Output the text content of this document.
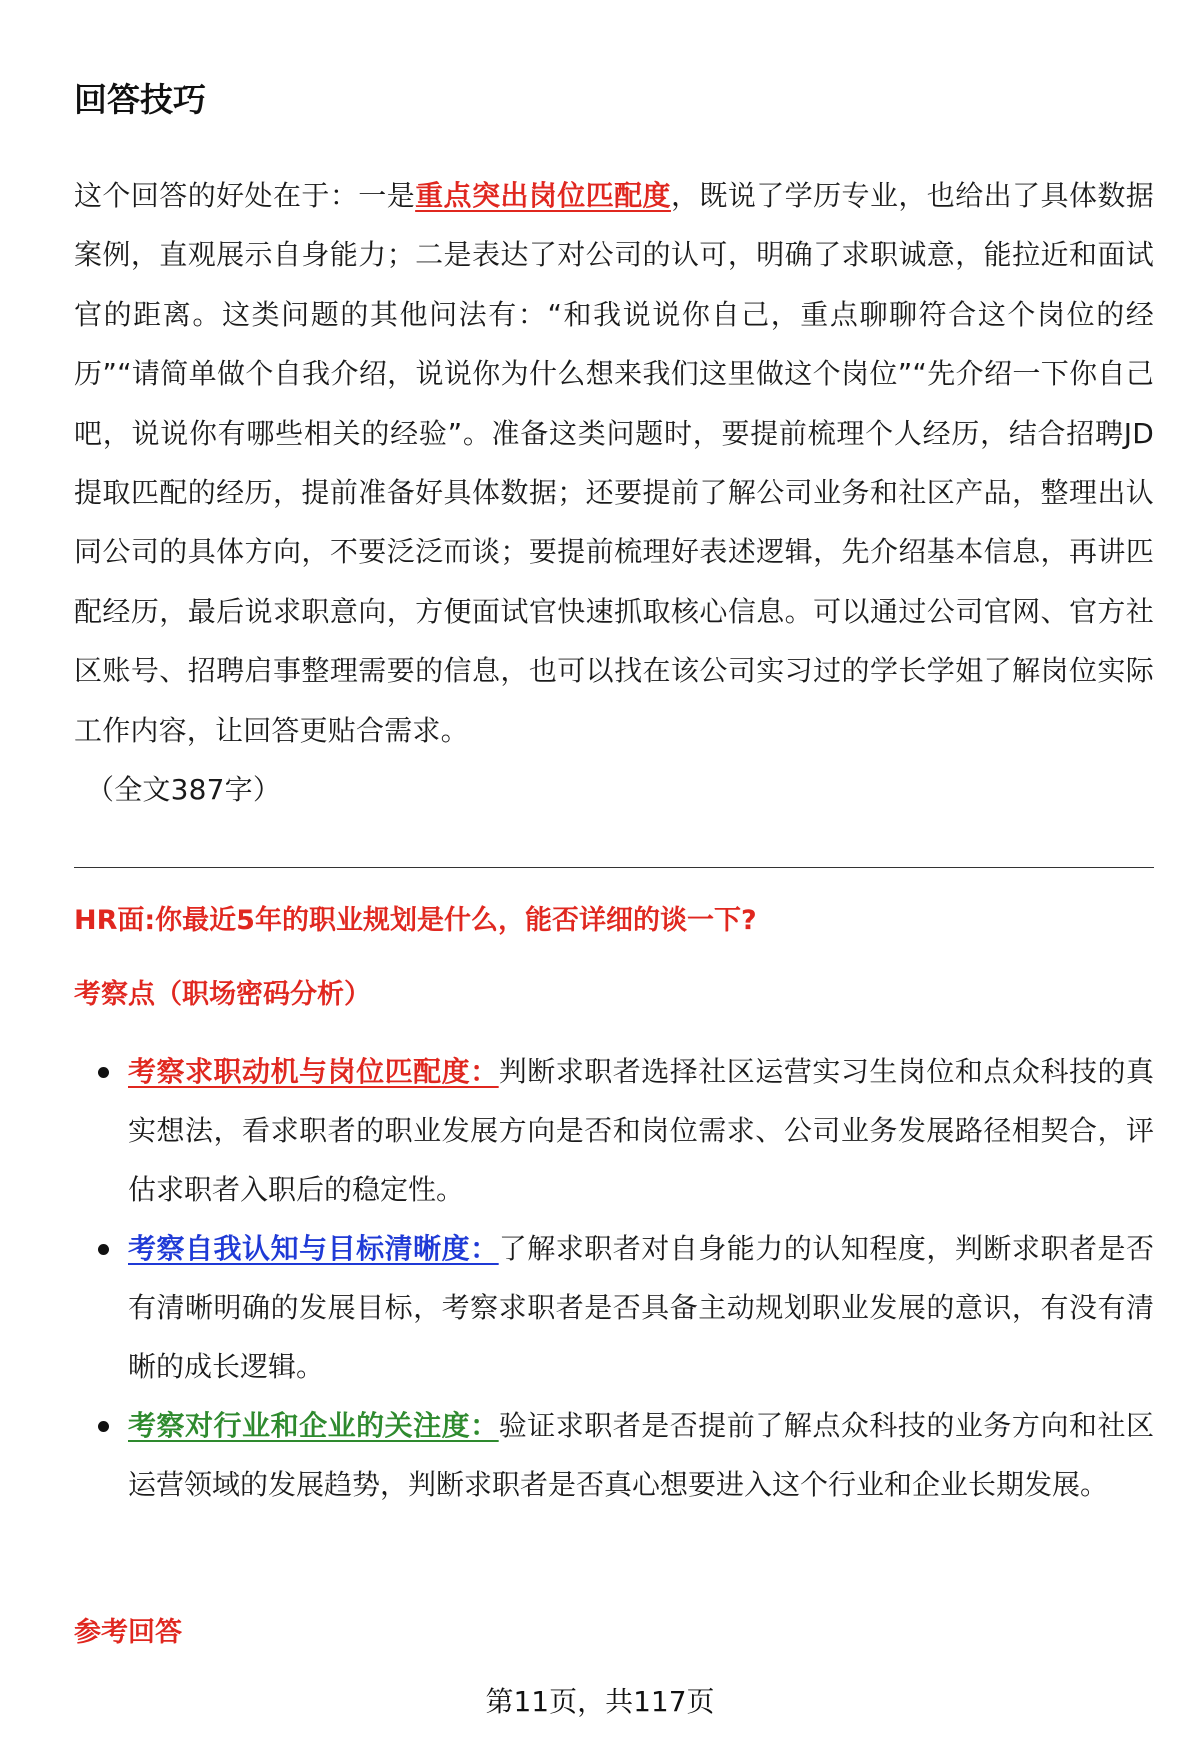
回答技巧

这个回答的好处在于：一是重点突出岗位匹配度，既说了学历专业，也给出了具体数据案例，直观展示自身能力；二是表达了对公司的认可，明确了求职诚意，能拉近和面试官的距离。这类问题的其他问法有：“和我说说你自己，重点聊聊符合这个岗位的经历”“请简单做个自我介绍，说说你为什么想来我们这里做这个岗位”“先介绍一下你自己吧，说说你有哪些相关的经验”。准备这类问题时，要提前梳理个人经历，结合招聘JD提取匹配的经历，提前准备好具体数据；还要提前了解公司业务和社区产品，整理出认同公司的具体方向，不要泛泛而谈；要提前梳理好表述逻辑，先介绍基本信息，再讲匹配经历，最后说求职意向，方便面试官快速抓取核心信息。可以通过公司官网、官方社区账号、招聘启事整理需要的信息，也可以找在该公司实习过的学长学姐了解岗位实际工作内容，让回答更贴合需求。
（全文387字）

HR面:你最近5年的职业规划是什么，能否详细的谈一下?
考察点（职场密码分析）
考察求职动机与岗位匹配度：判断求职者选择社区运营实习生岗位和点众科技的真实想法，看求职者的职业发展方向是否和岗位需求、公司业务发展路径相契合，评估求职者入职后的稳定性。
考察自我认知与目标清晰度：了解求职者对自身能力的认知程度，判断求职者是否有清晰明确的发展目标，考察求职者是否具备主动规划职业发展的意识，有没有清晰的成长逻辑。
考察对行业和企业的关注度：验证求职者是否提前了解点众科技的业务方向和社区运营领域的发展趋势，判断求职者是否真心想要进入这个行业和企业长期发展。
参考回答

第11页，共117页
